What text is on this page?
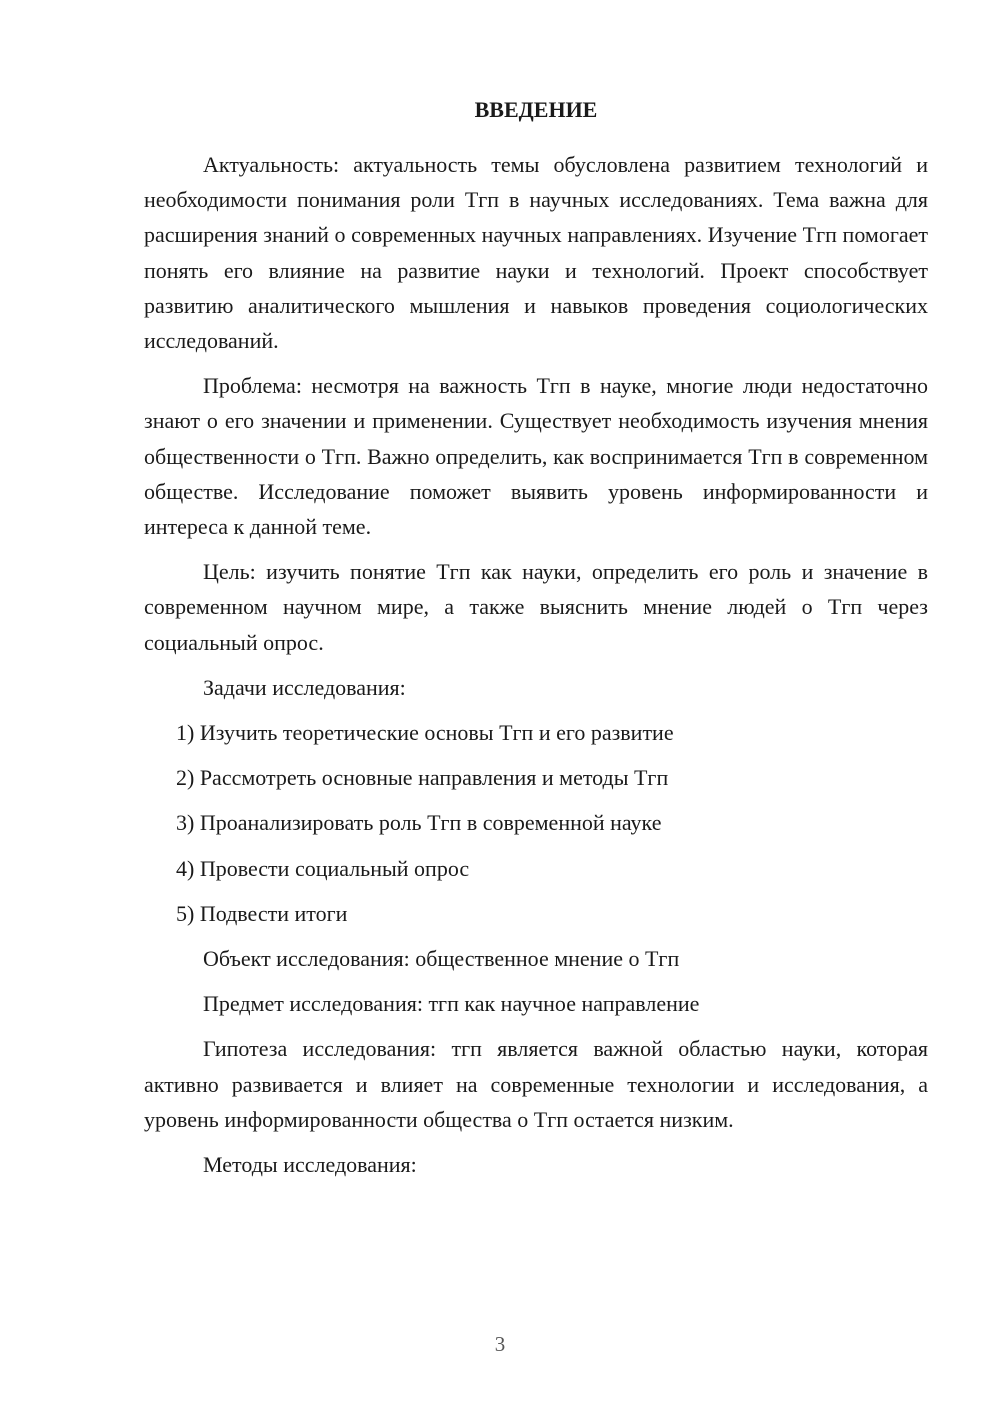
ВВЕДЕНИЕ

Актуальность: актуальность темы обусловлена развитием технологий и необходимости понимания роли Тгп в научных исследованиях. Тема важна для расширения знаний о современных научных направлениях. Изучение Тгп помогает понять его влияние на развитие науки и технологий. Проект способствует развитию аналитического мышления и навыков проведения социологических исследований.

Проблема: несмотря на важность Тгп в науке, многие люди недостаточно знают о его значении и применении. Существует необходимость изучения мнения общественности о Тгп. Важно определить, как воспринимается Тгп в современном обществе. Исследование поможет выявить уровень информированности и интереса к данной теме.

Цель: изучить понятие Тгп как науки, определить его роль и значение в современном научном мире, а также выяснить мнение людей о Тгп через социальный опрос.

Задачи исследования:

1) Изучить теоретические основы Тгп и его развитие

2) Рассмотреть основные направления и методы Тгп

3) Проанализировать роль Тгп в современной науке

4) Провести социальный опрос

5) Подвести итоги

Объект исследования: общественное мнение о Тгп

Предмет исследования: тгп как научное направление

Гипотеза исследования: тгп является важной областью науки, которая активно развивается и влияет на современные технологии и исследования, а уровень информированности общества о Тгп остается низким.

Методы исследования:

3
